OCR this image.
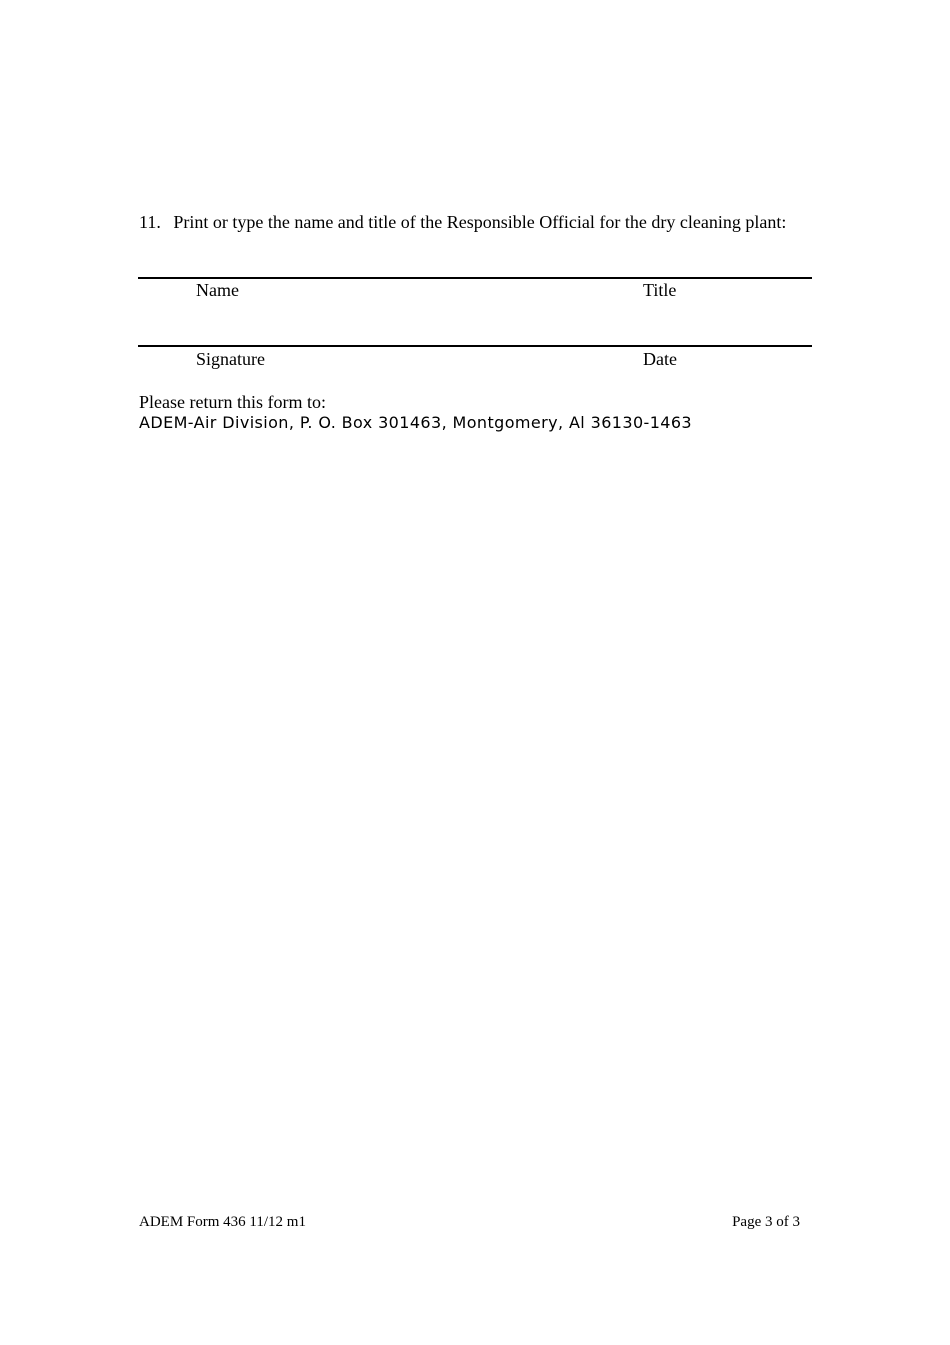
11. Print or type the name and title of the Responsible Official for the dry cleaning plant:
Name	Title
Signature	Date
Please return this form to:
ADEM-Air Division, P. O. Box 301463, Montgomery, Al 36130-1463
ADEM Form 436 11/12 m1	Page 3 of 3
